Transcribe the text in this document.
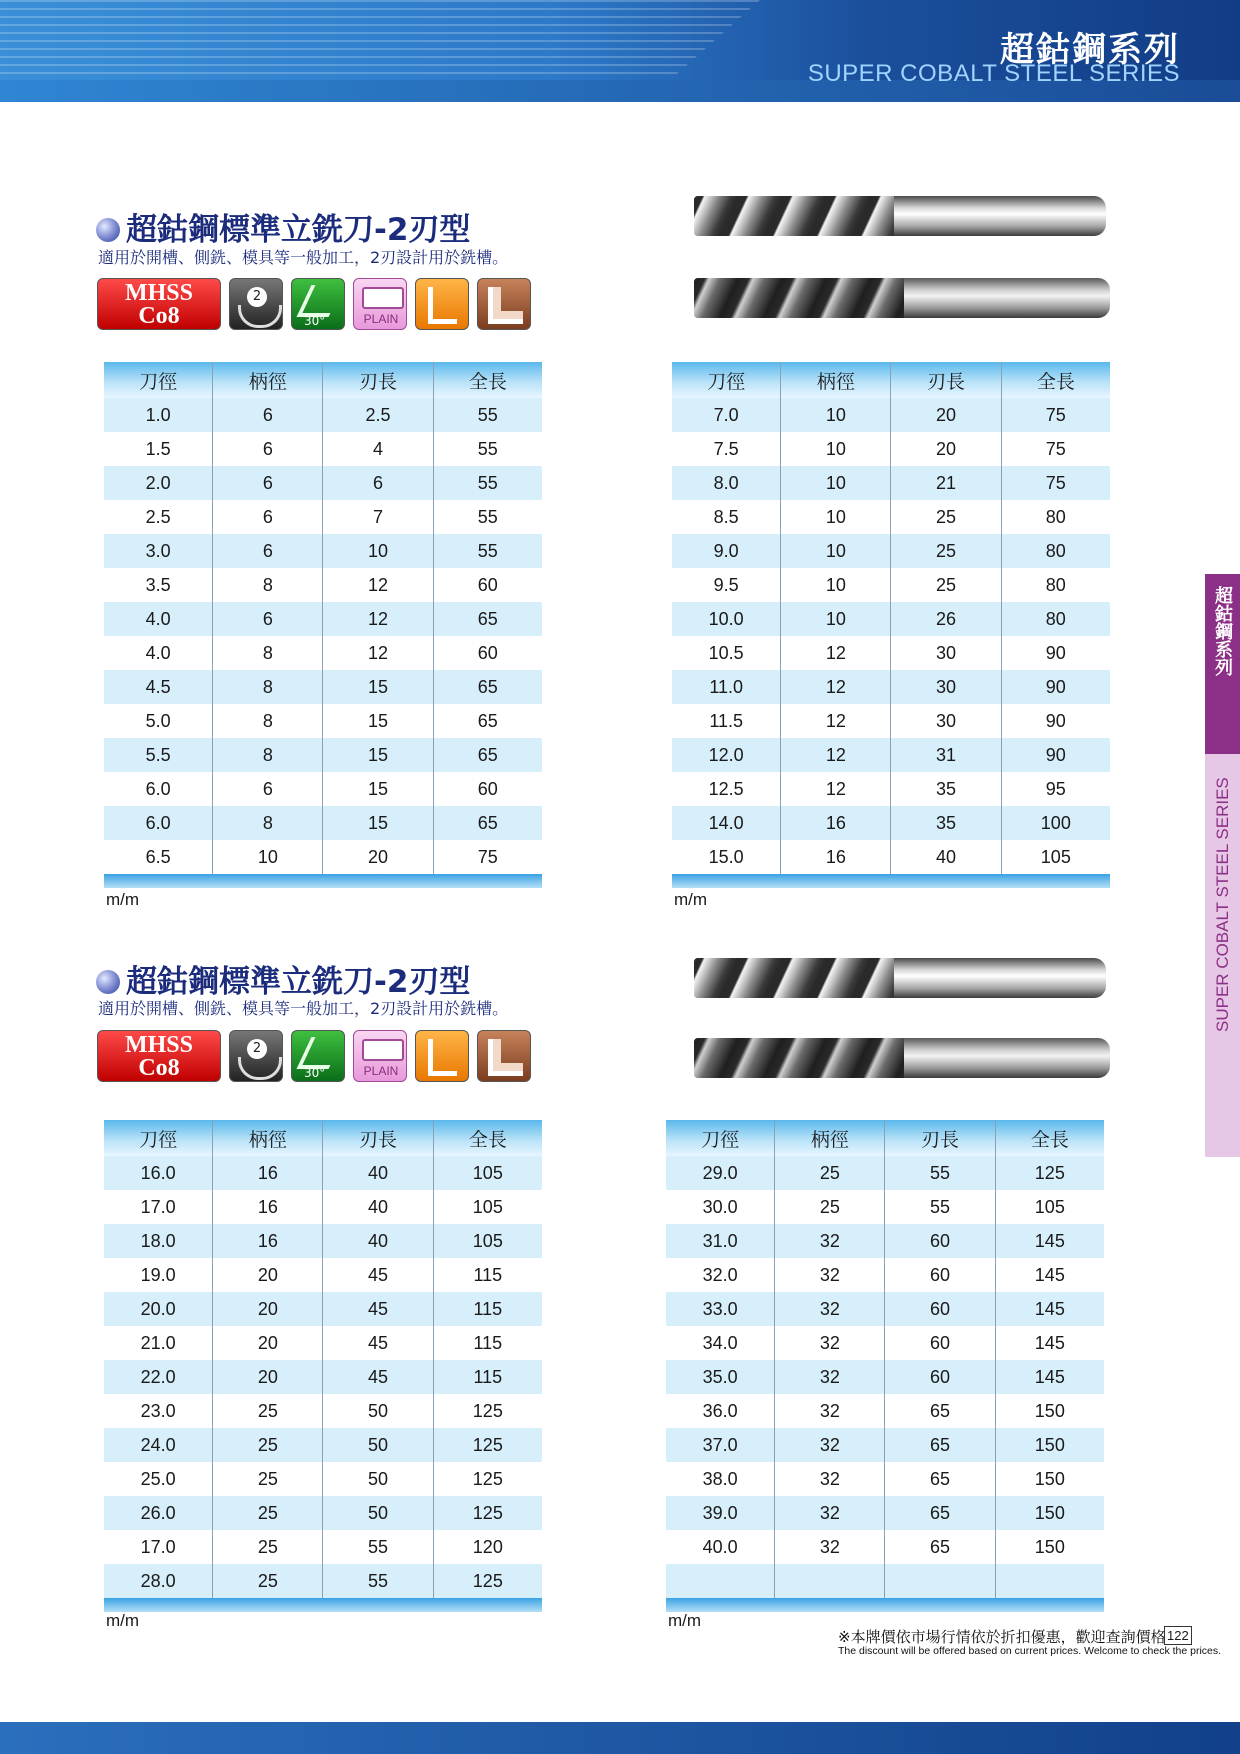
超鈷鋼系列
SUPER COBALT STEEL SERIES
超鈷鋼系列
SUPER COBALT STEEL SERIES
超鈷鋼標準立銑刀-2刃型
適用於開槽、側銑、模具等一般加工，2刃設計用於銑槽。
MHSS
Co8
2
30°	PLAIN
刀徑	柄徑	刃長	全長
1.0	6	2.5	55
1.5	6	4	55
2.0	6	6	55
2.5	6	7	55
3.0	6	10	55
3.5	8	12	60
4.0	6	12	65
4.0	8	12	60
4.5	8	15	65
5.0	8	15	65
5.5	8	15	65
6.0	6	15	60
6.0	8	15	65
6.5	10	20	75

m/m
刀徑	柄徑	刃長	全長
7.0	10	20	75
7.5	10	20	75
8.0	10	21	75
8.5	10	25	80
9.0	10	25	80
9.5	10	25	80
10.0	10	26	80
10.5	12	30	90
11.0	12	30	90
11.5	12	30	90
12.0	12	31	90
12.5	12	35	95
14.0	16	35	100
15.0	16	40	105

m/m
超鈷鋼標準立銑刀-2刃型
適用於開槽、側銑、模具等一般加工，2刃設計用於銑槽。
MHSS
Co8
2
30°	PLAIN
刀徑	柄徑	刃長	全長
16.0	16	40	105
17.0	16	40	105
18.0	16	40	105
19.0	20	45	115
20.0	20	45	115
21.0	20	45	115
22.0	20	45	115
23.0	25	50	125
24.0	25	50	125
25.0	25	50	125
26.0	25	50	125
17.0	25	55	120
28.0	25	55	125

m/m
刀徑	柄徑	刃長	全長
29.0	25	55	125
30.0	25	55	105
31.0	32	60	145
32.0	32	60	145
33.0	32	60	145
34.0	32	60	145
35.0	32	60	145
36.0	32	65	150
37.0	32	65	150
38.0	32	65	150
39.0	32	65	150
40.0	32	65	150

m/m
※本牌價依市場行情依於折扣優惠，歡迎查詢價格
The discount will be offered based on current prices. Welcome to check the prices.
122
